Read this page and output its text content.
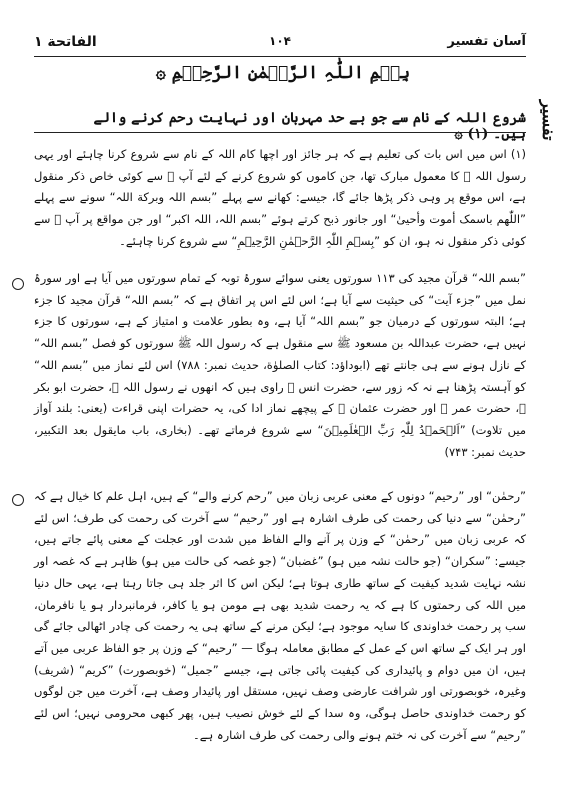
آسان تفسیر
۱۰۴
الفاتحة ۱
بِسۡمِ اللّٰہِ الرَّحۡمٰنِ الرَّحِیۡمِ ۞
تفسیر
شروع اللہ کے نام سے جو بے حد مہربان اور نہایت رحم کرنے والے ہیں۔ (۱) ۞
(۱) اس میں اس بات کی تعلیم ہے کہ ہر جائز اور اچھا کام اللہ کے نام سے شروع کرنا چاہئے اور یہی رسول اللہ ﷺ کا معمول مبارک تھا، جن کاموں کو شروع کرنے کے لئے آپ ﷺ سے کوئی خاص ذکر منقول ہے، اس موقع پر وہی ذکر پڑھا جائے گا، جیسے: کھانے سے پہلے ”بسم اللہ وبرکة اللہ“ سونے سے پہلے ”اللّٰھم باسمک أموت وأحییٰ“ اور جانور ذبح کرتے ہوئے ”بسم اللہ، اللہ اکبر“ اور جن مواقع پر آپ ﷺ سے کوئی ذکر منقول نہ ہو، ان کو ”بِسۡمِ اللّٰہِ الرَّحۡمٰنِ الرَّحِیۡمِ“ سے شروع کرنا چاہئے۔
”بسم اللہ“ قرآن مجید کی ۱۱۳ سورتوں یعنی سوائے سورۂ توبہ کے تمام سورتوں میں آیا ہے اور سورۂ نمل میں ”جزء آیت“ کی حیثیت سے آیا ہے؛ اس لئے اس پر اتفاق ہے کہ ”بسم اللہ“ قرآن مجید کا جزء ہے؛ البتہ سورتوں کے درمیان جو ”بسم اللہ“ آیا ہے، وہ بطور علامت و امتیاز کے ہے، سورتوں کا جزء نہیں ہے، حضرت عبداللہ بن مسعود ﷺ سے منقول ہے کہ رسول اللہ ﷺ سورتوں کو فصل ”بسم اللہ“ کے نازل ہونے سے ہی جانتے تھے (ابوداؤد: کتاب الصلوٰة، حدیث نمبر: ۷۸۸) اس لئے نماز میں ”بسم اللہ“ کو آہستہ پڑھنا ہے نہ کہ زور سے، حضرت انس ﷺ راوی ہیں کہ انھوں نے رسول اللہ ﷺ، حضرت ابو بکر ﷺ، حضرت عمر ﷺ اور حضرت عثمان ﷺ کے پیچھے نماز ادا کی، یہ حضرات اپنی قراءت (یعنی: بلند آواز میں تلاوت) ”اَلۡحَمۡدُ لِلّٰہِ رَبِّ الۡعٰلَمِیۡنَ“ سے شروع فرماتے تھے۔ (بخاری، باب مایقول بعد التکبیر، حدیث نمبر: ۷۴۳)
”رحمٰن“ اور ”رحیم“ دونوں کے معنی عربی زبان میں ”رحم کرنے والے“ کے ہیں، اہل علم کا خیال ہے کہ ”رحمٰن“ سے دنیا کی رحمت کی طرف اشارہ ہے اور ”رحیم“ سے آخرت کی رحمت کی طرف؛ اس لئے کہ عربی زبان میں ”رحمٰن“ کے وزن پر آنے والے الفاظ میں شدت اور عجلت کے معنی پائے جاتے ہیں، جیسے: ”سکران“ (جو حالت نشہ میں ہو) ”غضبان“ (جو غصہ کی حالت میں ہو) ظاہر ہے کہ غصہ اور نشہ نہایت شدید کیفیت کے ساتھ طاری ہوتا ہے؛ لیکن اس کا اثر جلد ہی جاتا رہتا ہے، یہی حال دنیا میں اللہ کی رحمتوں کا ہے کہ یہ رحمت شدید بھی ہے مومن ہو یا کافر، فرمانبردار ہو یا نافرمان، سب پر رحمت خداوندی کا سایہ موجود ہے؛ لیکن مرنے کے ساتھ ہی یہ رحمت کی چادر اٹھالی جائے گی اور ہر ایک کے ساتھ اس کے عمل کے مطابق معاملہ ہوگا — ”رحیم“ کے وزن پر جو الفاظ عربی میں آتے ہیں، ان میں دوام و پائیداری کی کیفیت پائی جاتی ہے، جیسے ”جمیل“ (خوبصورت) ”کریم“ (شریف) وغیرہ، خوبصورتی اور شرافت عارضی وصف نہیں، مستقل اور پائیدار وصف ہے، آخرت میں جن لوگوں کو رحمت خداوندی حاصل ہوگی، وہ سدا کے لئے خوش نصیب ہیں، پھر کبھی محرومی نہیں؛ اس لئے ”رحیم“ سے آخرت کی نہ ختم ہونے والی رحمت کی طرف اشارہ ہے۔
